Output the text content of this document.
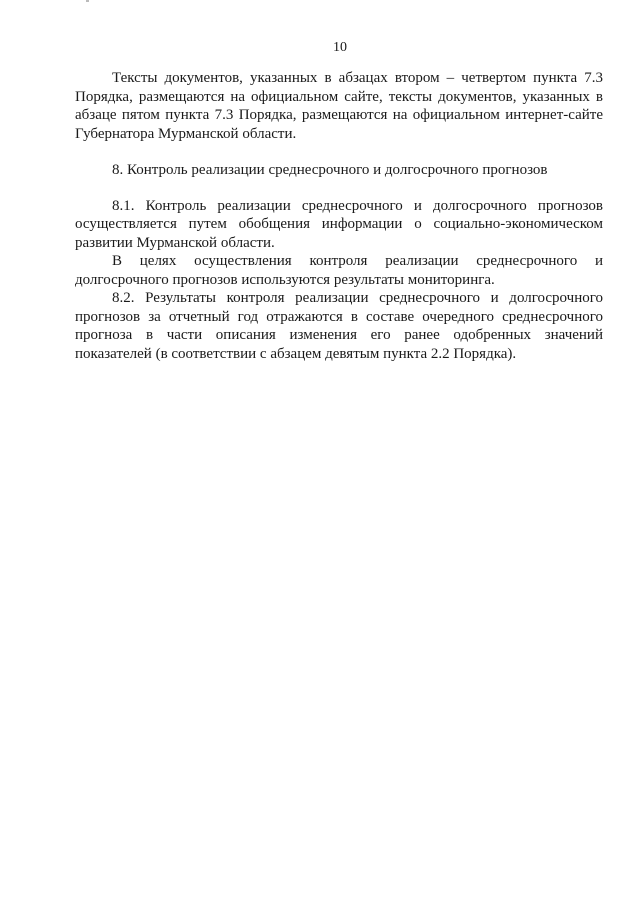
10

Тексты документов, указанных в абзацах втором – четвертом пункта 7.3 Порядка, размещаются на официальном сайте, тексты документов, указанных в абзаце пятом пункта 7.3 Порядка, размещаются на официальном интернет-сайте Губернатора Мурманской области.

8. Контроль реализации среднесрочного и долгосрочного прогнозов

8.1. Контроль реализации среднесрочного и долгосрочного прогнозов осуществляется путем обобщения информации о социально-экономическом развитии Мурманской области.

В целях осуществления контроля реализации среднесрочного и долгосрочного прогнозов используются результаты мониторинга.

8.2. Результаты контроля реализации среднесрочного и долгосрочного прогнозов за отчетный год отражаются в составе очередного среднесрочного прогноза в части описания изменения его ранее одобренных значений показателей (в соответствии с абзацем девятым пункта 2.2 Порядка).
